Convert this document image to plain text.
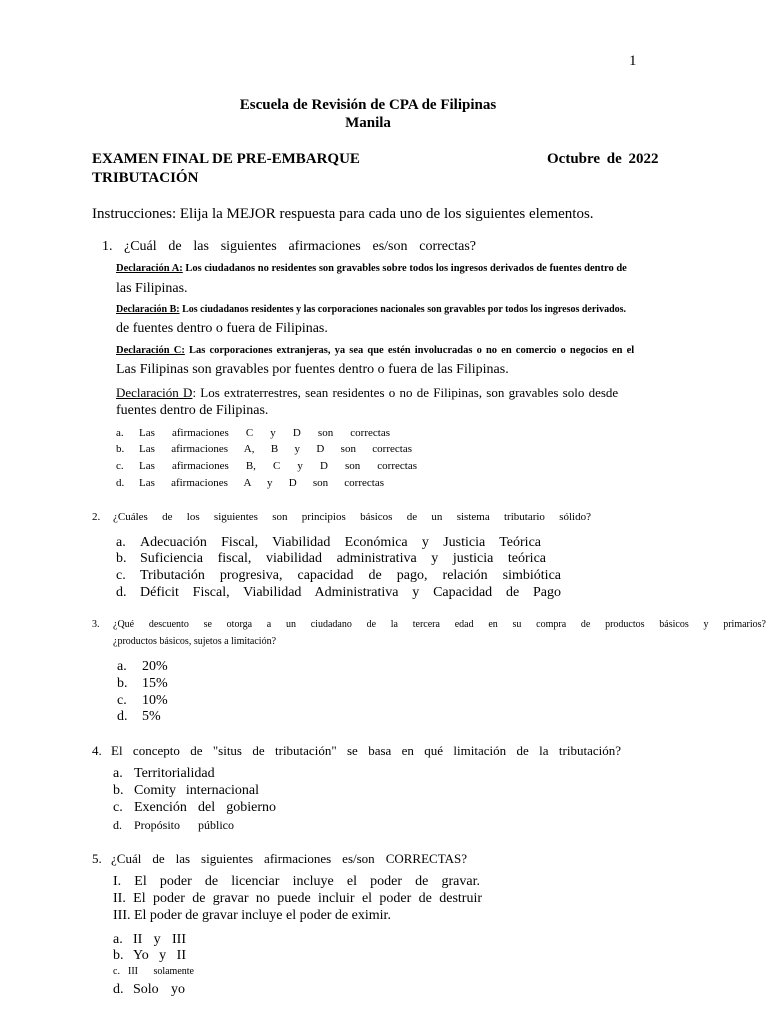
1
Escuela de Revisión de CPA de Filipinas
Manila
EXAMEN FINAL DE PRE-EMBARQUE	Octubre de 2022
TRIBUTACIÓN
Instrucciones: Elija la MEJOR respuesta para cada uno de los siguientes elementos.
1. ¿Cuál de las siguientes afirmaciones es/son correctas?
Declaración A: Los ciudadanos no residentes son gravables sobre todos los ingresos derivados de fuentes dentro de
las Filipinas.
Declaración B: Los ciudadanos residentes y las corporaciones nacionales son gravables por todos los ingresos derivados.
de fuentes dentro o fuera de Filipinas.
Declaración C: Las corporaciones extranjeras, ya sea que estén involucradas o no en comercio o negocios en el
Las Filipinas son gravables por fuentes dentro o fuera de las Filipinas.
Declaración D: Los extraterrestres, sean residentes o no de Filipinas, son gravables solo desde
fuentes dentro de Filipinas.
a. Las afirmaciones C y D son correctas
b. Las afirmaciones A, B y D son correctas
c. Las afirmaciones B, C y D son correctas
d. Las afirmaciones A y D son correctas
2. ¿Cuáles de los siguientes son principios básicos de un sistema tributario sólido?
a. Adecuación Fiscal, Viabilidad Económica y Justicia Teórica
b. Suficiencia fiscal, viabilidad administrativa y justicia teórica
c. Tributación progresiva, capacidad de pago, relación simbiótica
d. Déficit Fiscal, Viabilidad Administrativa y Capacidad de Pago
3. ¿Qué descuento se otorga a un ciudadano de la tercera edad en su compra de productos básicos y primarios?
¿productos básicos, sujetos a limitación?
a. 20%
b. 15%
c. 10%
d. 5%
4. El concepto de "situs de tributación" se basa en qué limitación de la tributación?
a. Territorialidad
b. Comity internacional
c. Exención del gobierno
d. Propósito público
5. ¿Cuál de las siguientes afirmaciones es/son CORRECTAS?
I. El poder de licenciar incluye el poder de gravar.
II. El poder de gravar no puede incluir el poder de destruir
III. El poder de gravar incluye el poder de eximir.
a. II y III
b. Yo y II
c. III solamente
d. Solo yo
